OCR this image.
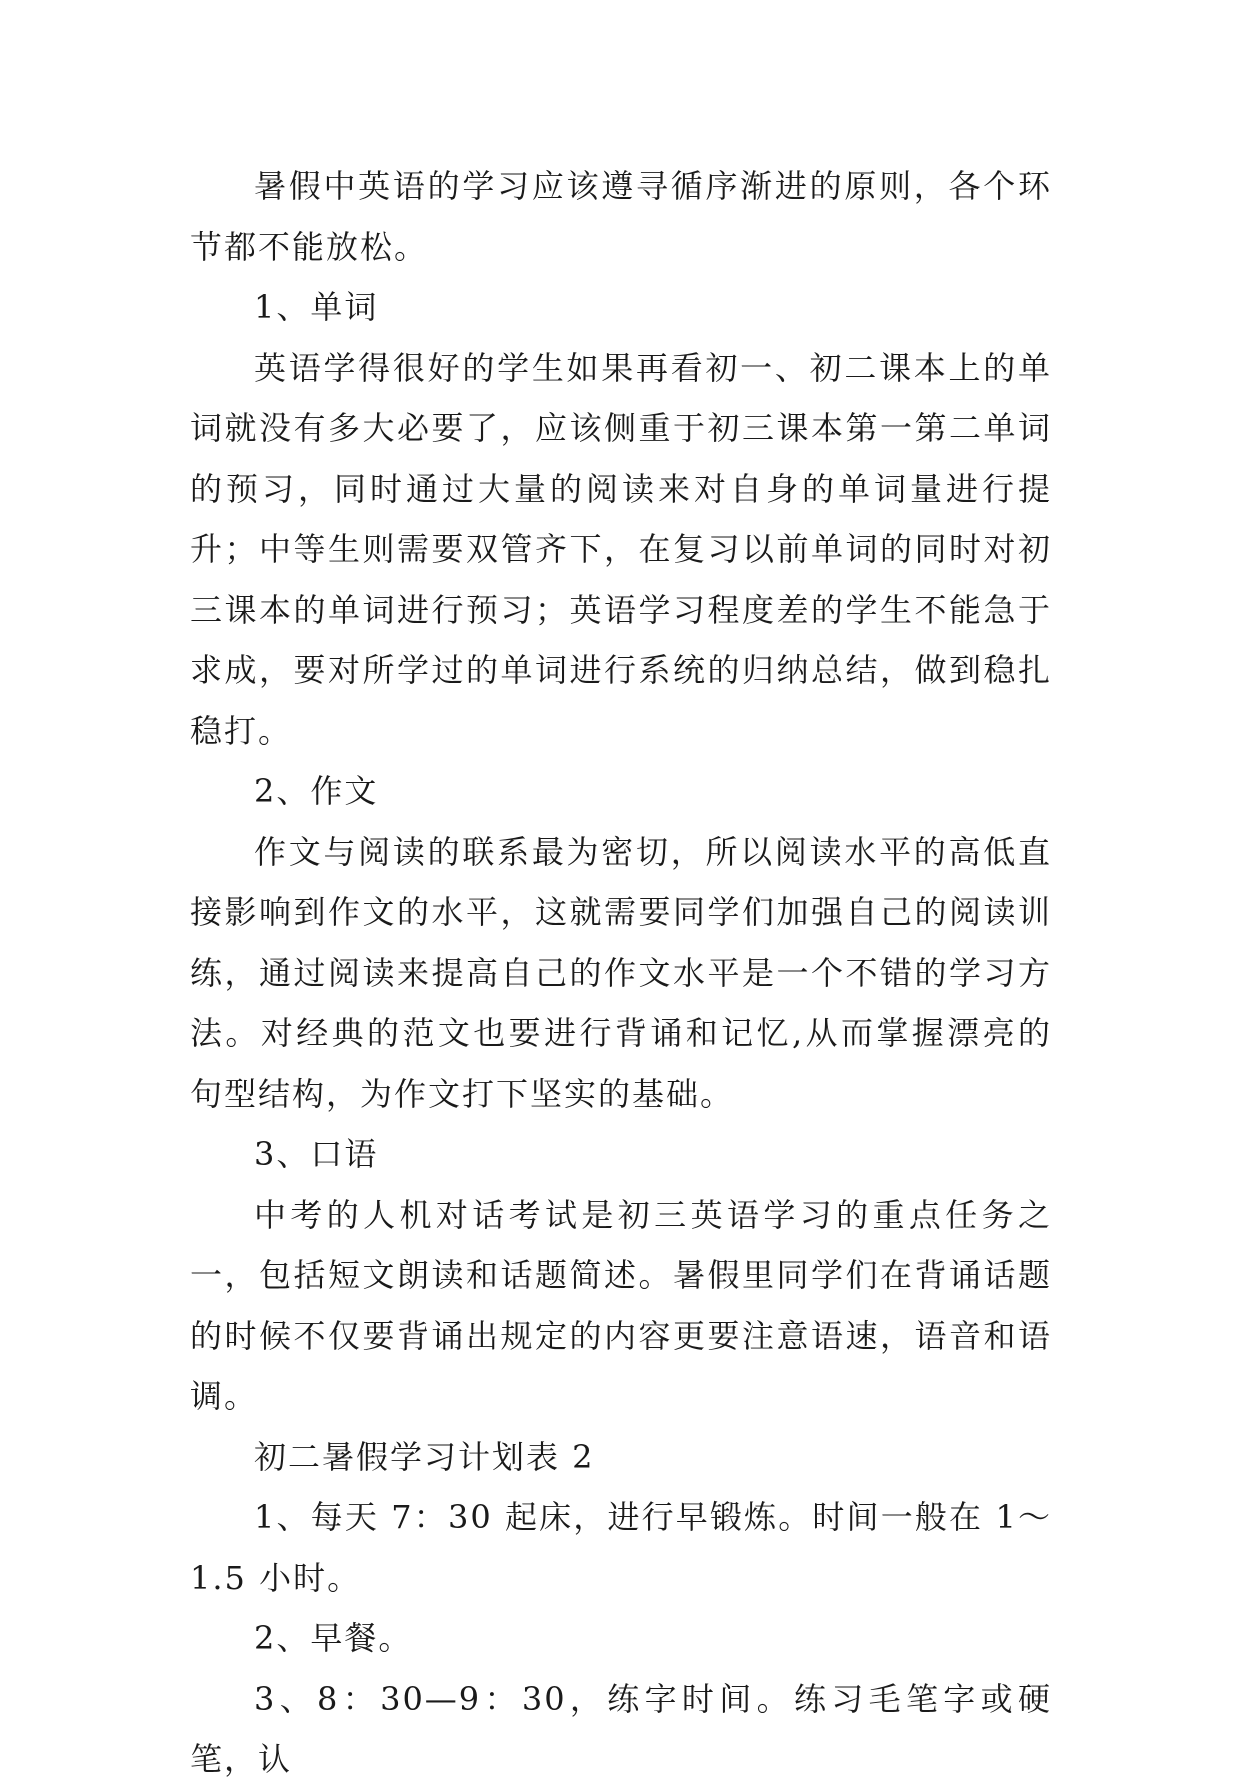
暑假中英语的学习应该遵寻循序渐进的原则，各个环节都不能放松。

1、单词

英语学得很好的学生如果再看初一、初二课本上的单词就没有多大必要了，应该侧重于初三课本第一第二单词的预习，同时通过大量的阅读来对自身的单词量进行提升；中等生则需要双管齐下，在复习以前单词的同时对初三课本的单词进行预习；英语学习程度差的学生不能急于求成，要对所学过的单词进行系统的归纳总结，做到稳扎稳打。

2、作文

作文与阅读的联系最为密切，所以阅读水平的高低直接影响到作文的水平，这就需要同学们加强自己的阅读训练，通过阅读来提高自己的作文水平是一个不错的学习方法。对经典的范文也要进行背诵和记忆,从而掌握漂亮的句型结构，为作文打下坚实的基础。

3、口语

中考的人机对话考试是初三英语学习的重点任务之一，包括短文朗读和话题简述。暑假里同学们在背诵话题的时候不仅要背诵出规定的内容更要注意语速，语音和语调。

初二暑假学习计划表 2

1、每天 7：30 起床，进行早锻炼。时间一般在 1～1.5 小时。

2、早餐。

3、8：30—9：30，练字时间。练习毛笔字或硬笔，认
